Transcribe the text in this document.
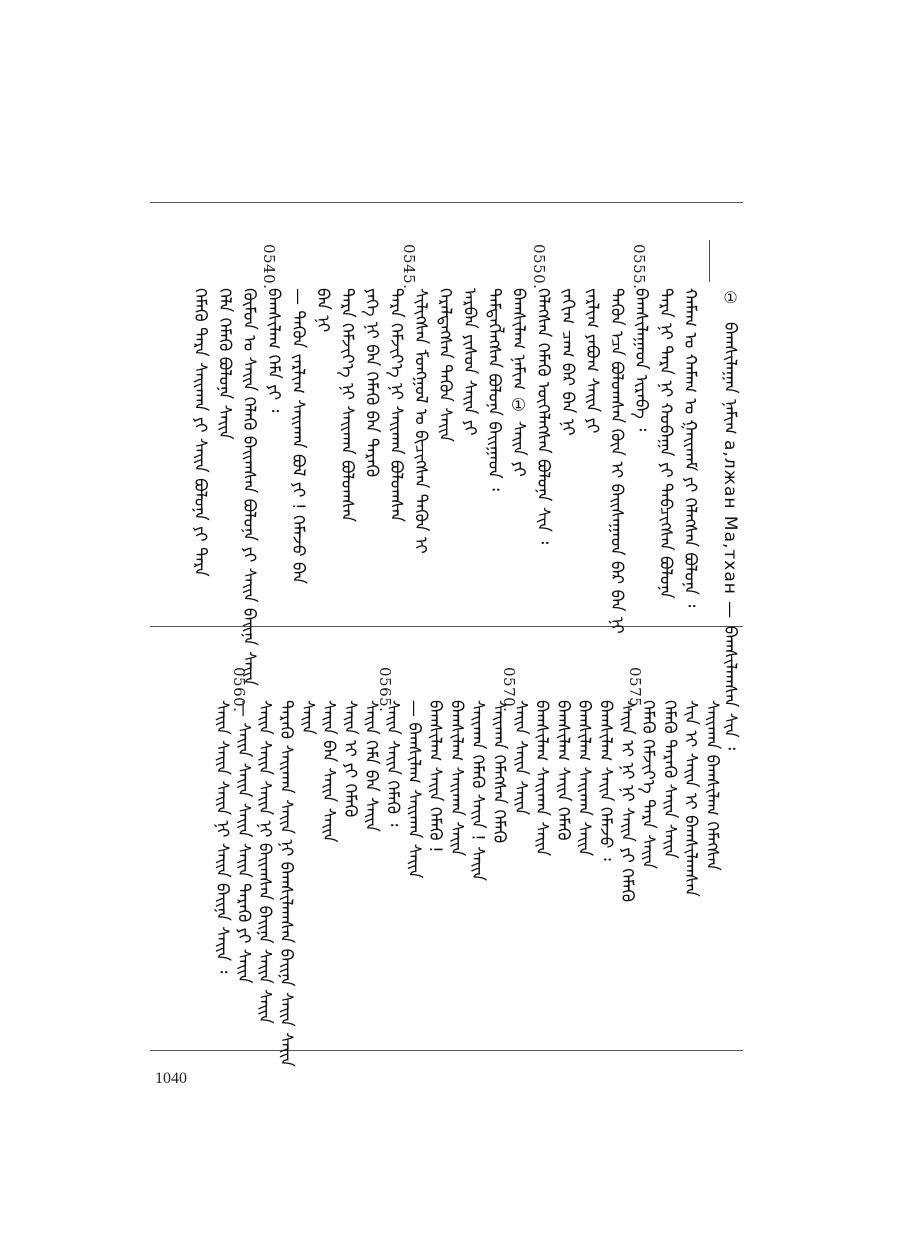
①ᠪᠠᠭᠰᠢᠯᠠᠭᠠᠨ ᠨᠠᠮᠢᠭ a,лжан Ма,тхан — ᠪᠠᠭᠰᠢᠯᠠᠭᠰᠠᠨ ᠰᠢᠨ ᠄
ᠬᠠᠮᠠᠭ ᠤ ᠬᠠᠮᠠᠭ ᠤ ᠭᠠᠢᠬᠠᠮ ᠶᠢ ᠬᠡᠯᠡᠭᠰᠡᠨ ᠪᠣᠯᠤᠨᠠ ᠄
ᠲᠡᠷᠡ ᠨᠢ ᠲᠡᠷᠡ ᠨᠢ ᠬᠤᠪᠠᠭᠠ ᠶᠢ ᠲᠡᠪᠴᠢᠭᠰᠡᠨ ᠪᠣᠯᠤᠨᠠ
ᠪᠠᠭᠰᠢᠯᠠᠭᠠᠳ ᠢᠷᠡᠪᠡ ᠄
ᠲᠡᠭᠦᠨ ᠡᠴᠡ ᠪᠣᠯᠤᠭᠰᠠᠨ ᠬᠦᠨ ᠢ ᠪᠠᠢᠰᠠᠭᠠᠳ ᠪᠡᠷ ᠪᠠᠨ ᠨᠢ
ᠵᠠᠷᠯᠢᠭ ᠶᠠᠪᠤᠭ ᠰᠠᠢᠨ ᠶᠢ
ᠵᠠᠬᠢᠭ ᠴᠠᠭ ᠪᠡᠷ ᠪᠠᠨ ᠨᠢ
ᠬᠡᠯᠡᠭᠰᠡᠨ ᠬᠡᠮᠡᠬᠦ ᠦᠭᠡᠯᠡᠭᠰᠡᠨ ᠪᠣᠯᠤᠨᠠ ᠰᠢᠨ ᠄
ᠪᠠᠭᠰᠢᠯᠠᠭ ᠨᠠᠮᠢᠭ ① ᠰᠠᠢᠨ ᠶᠢ
ᠲᠡᠮᠳᠡᠭᠯᠡᠭᠰᠡᠨ ᠪᠣᠯᠤᠨᠠ ᠪᠠᠢᠭᠠᠳ ᠄
ᠠᠷᠪᠠᠨ ᠶᠢᠰᠦᠨ ᠰᠠᠢᠨ ᠶᠢ
ᠭᠡᠷᠡᠯᠲᠡᠭᠰᠡᠨ ᠲᠡᠭᠦᠨ ᠰᠠᠢᠨ
ᠰᠢᠯᠢᠭᠰᠡᠨ ᠮᠣᠩᠭᠣᠯ ᠤ ᠪᠢᠴᠢᠭᠰᠡᠨ ᠲᠡᠭᠦᠨ ᠢ
ᠲᠡᠷᠡ ᠬᠡᠮᠵᠢᠶ᠎ᠡ ᠨᠢ ᠰᠠᠢᠬᠠᠨ ᠪᠣᠯᠤᠭᠰᠠᠨ
ᠶᠡᠬᠡ ᠨᠢ ᠪᠠᠨ ᠬᠡᠮᠡᠬᠦ ᠪᠠᠨ ᠲᠡᠷᠡᠬᠦ
ᠲᠡᠷᠡ ᠬᠡᠮᠵᠢᠶ᠎ᠡ ᠨᠢ ᠰᠠᠢᠬᠠᠨ ᠪᠣᠯᠤᠭᠰᠠᠨ
ᠪᠠᠨ ᠨᠢ
— ᠲᠡᠭᠦᠨ ᠵᠠᠷᠯᠢᠭ ᠰᠠᠢᠬᠠᠨ ᠪᠣᠯ ᠶᠢ ! ᠬᠡᠮᠡᠵᠦ ᠪᠠᠨ
ᠪᠠᠭᠰᠢᠯᠠᠭ ᠬᠡᠮᠡ ᠶᠢ ᠄
ᠬᠦᠮᠦᠨ ᠤ ᠰᠠᠢᠨ ᠬᠡᠯᠡᠬᠦ ᠪᠠᠢᠭᠰᠠᠨ ᠪᠣᠯᠤᠨᠠ ᠶᠢ ᠰᠠᠢᠨ ᠪᠠᠢᠨᠠ ᠰᠠᠢᠨ
ᠬᠡᠯᠡ ᠬᠡᠮᠡᠬᠦ ᠪᠣᠯᠤᠨᠠ ᠰᠠᠢᠨ
ᠬᠡᠮᠡᠬᠦ ᠲᠡᠷᠡ ᠰᠠᠢᠬᠠᠨ ᠶᠢ ᠰᠠᠢᠨ ᠪᠣᠯᠤᠨᠠ ᠶᠢ ᠲᠡᠷᠡ
0555.
0550.
0545.
0540.
ᠰᠠᠢᠬᠠᠨ ᠪᠠᠭᠰᠢᠯᠠᠭ ᠬᠡᠮᠡᠭᠰᠡᠨ
ᠰᠢᠨ ᠢ ᠰᠠᠢᠨ ᠢ ᠪᠠᠭᠰᠢᠯᠠᠭᠰᠠᠨ
ᠬᠡᠮᠡᠬᠦ ᠲᠡᠷᠡᠬᠦ ᠰᠠᠢᠨ ᠰᠠᠢᠨ
ᠬᠡᠮᠡᠬᠦ ᠬᠡᠮᠵᠢᠶ᠎ᠡ ᠲᠡᠷᠡ ᠰᠠᠢᠨ
ᠰᠠᠢᠨ ᠢ ᠨᠢ ᠨᠢ ᠰᠠᠢᠨ ᠶᠢ ᠬᠡᠮᠡᠬᠦ
ᠪᠠᠭᠰᠢᠯᠠᠭ ᠰᠠᠢᠨ ᠬᠡᠮᠡᠵᠦ ᠄
ᠪᠠᠭᠰᠢᠯᠠᠭ ᠰᠠᠢᠬᠠᠨ ᠰᠠᠢᠨ
ᠪᠠᠭᠰᠢᠯᠠᠭ ᠰᠠᠢᠨ ᠬᠡᠮᠡᠬᠦ
ᠪᠠᠭᠰᠢᠯᠠᠭ ᠰᠠᠢᠬᠠᠨ ᠰᠠᠢᠨ
ᠰᠠᠢᠨ ᠰᠠᠢᠨ ᠰᠠᠢᠨ
ᠰᠠᠢᠬᠠᠨ ᠬᠡᠮᠡᠭᠰᠡᠨ ᠬᠡᠮᠡᠬᠦ
ᠰᠠᠢᠬᠠᠨ ᠬᠡᠮᠡᠬᠦ ᠰᠠᠢᠨ ! ᠰᠠᠢᠨ
ᠪᠠᠭᠰᠢᠯᠠᠭ ᠰᠠᠢᠬᠠᠨ ᠰᠠᠢᠨ
ᠪᠠᠭᠰᠢᠯᠠᠭ ᠰᠠᠢᠨ ᠬᠡᠮᠡᠬᠦ !
— ᠪᠠᠭᠰᠢᠯᠠᠭ ᠰᠠᠢᠬᠠᠨ ᠰᠠᠢᠨ
ᠰᠠᠢᠨ ᠰᠠᠢᠨ ᠬᠡᠮᠡᠬᠦ ᠄
ᠰᠠᠢᠨ ᠬᠡᠮᠡ ᠪᠠᠨ ᠰᠠᠢᠨ
ᠰᠠᠢᠨ ᠢ ᠶᠢ ᠬᠡᠮᠡᠬᠦ
ᠰᠠᠢᠨ ᠪᠠᠨ ᠰᠠᠢᠨ ᠰᠠᠢᠨ
ᠰᠠᠢᠨ
ᠲᠡᠷᠡᠬᠦ ᠰᠠᠢᠬᠠᠨ ᠰᠠᠢᠨ ᠨᠢ ᠪᠠᠭᠰᠢᠯᠠᠭᠰᠠᠨ ᠪᠠᠢᠨᠠ ᠰᠠᠢᠨ ᠰᠠᠢᠨ
ᠰᠠᠢᠨ ᠰᠠᠢᠨ ᠰᠠᠢᠨ ᠨᠢ ᠪᠠᠢᠭᠰᠠᠨ ᠪᠠᠢᠨᠠ ᠰᠠᠢᠨ ᠰᠠᠢᠨ
— ᠰᠠᠢᠨ ᠰᠠᠢᠨ ᠰᠠᠢᠨ ᠰᠠᠢᠨ ᠲᠡᠷᠡᠬᠦ ᠶᠢ ᠰᠠᠢᠨ
ᠰᠠᠢᠨ ᠰᠠᠢᠨ ᠰᠠᠢᠨ ᠨᠢ ᠰᠠᠢᠨ ᠪᠠᠢᠨᠠ ᠰᠠᠢᠨ ᠄
0575.
0570.
0565.
0560.
1040
